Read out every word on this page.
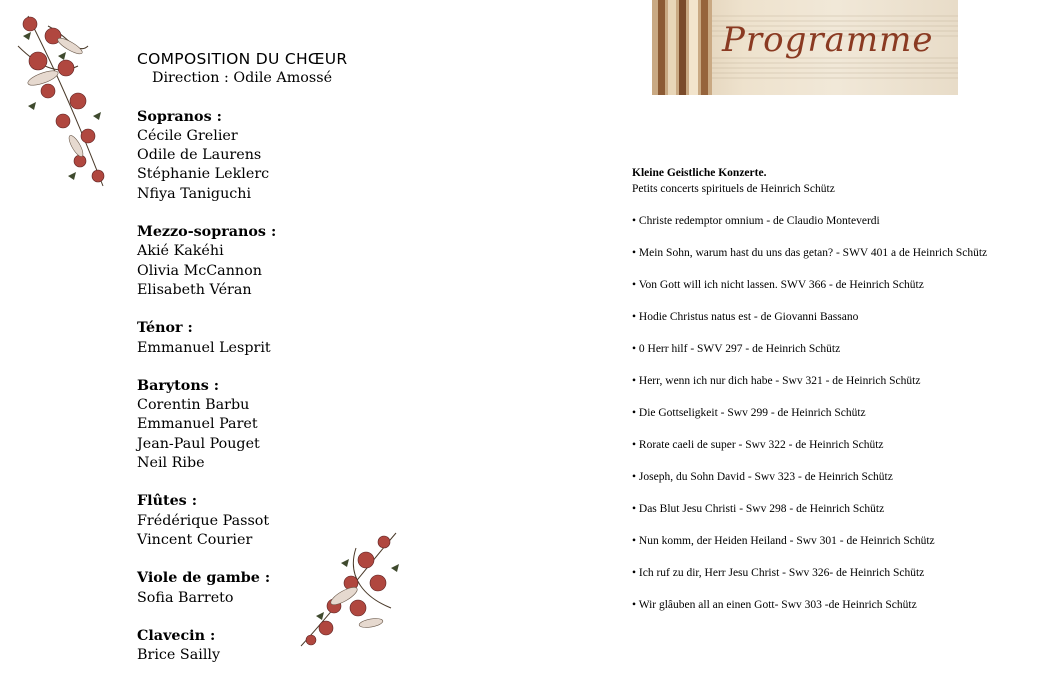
COMPOSITION DU CHŒUR
Direction : Odile Amossé
Sopranos :
Cécile Grelier
Odile de Laurens
Stéphanie Leklerc
Nfiya Taniguchi
Mezzo-sopranos :
Akié Kakéhi
Olivia McCannon
Elisabeth Véran
Ténor :
Emmanuel Lesprit
Barytons :
Corentin Barbu
Emmanuel Paret
Jean-Paul Pouget
Neil Ribe
Flûtes :
Frédérique Passot
Vincent Courier
Viole de gambe :
Sofia Barreto
Clavecin :
Brice Sailly
Programme
Kleine Geistliche Konzerte.
Petits concerts spirituels de Heinrich Schütz
• Christe redemptor omnium - de Claudio Monteverdi
• Mein Sohn, warum hast du uns das getan? - SWV 401 a de Heinrich Schütz
• Von Gott will ich nicht lassen. SWV 366 - de Heinrich Schütz
• Hodie Christus natus est - de Giovanni Bassano
• 0 Herr hilf - SWV 297 - de Heinrich Schütz
• Herr, wenn ich nur dich habe - Swv 321 - de Heinrich Schütz
• Die Gottseligkeit - Swv 299 - de Heinrich Schütz
• Rorate caeli de super - Swv 322 - de Heinrich Schütz
• Joseph, du Sohn David - Swv 323 - de Heinrich Schütz
• Das Blut Jesu Christi - Swv 298 - de Heinrich Schütz
• Nun komm, der Heiden Heiland - Swv 301 - de Heinrich Schütz
• Ich ruf zu dir, Herr Jesu Christ - Swv 326- de Heinrich Schütz
• Wir glâuben all an einen Gott- Swv 303 -de Heinrich Schütz
